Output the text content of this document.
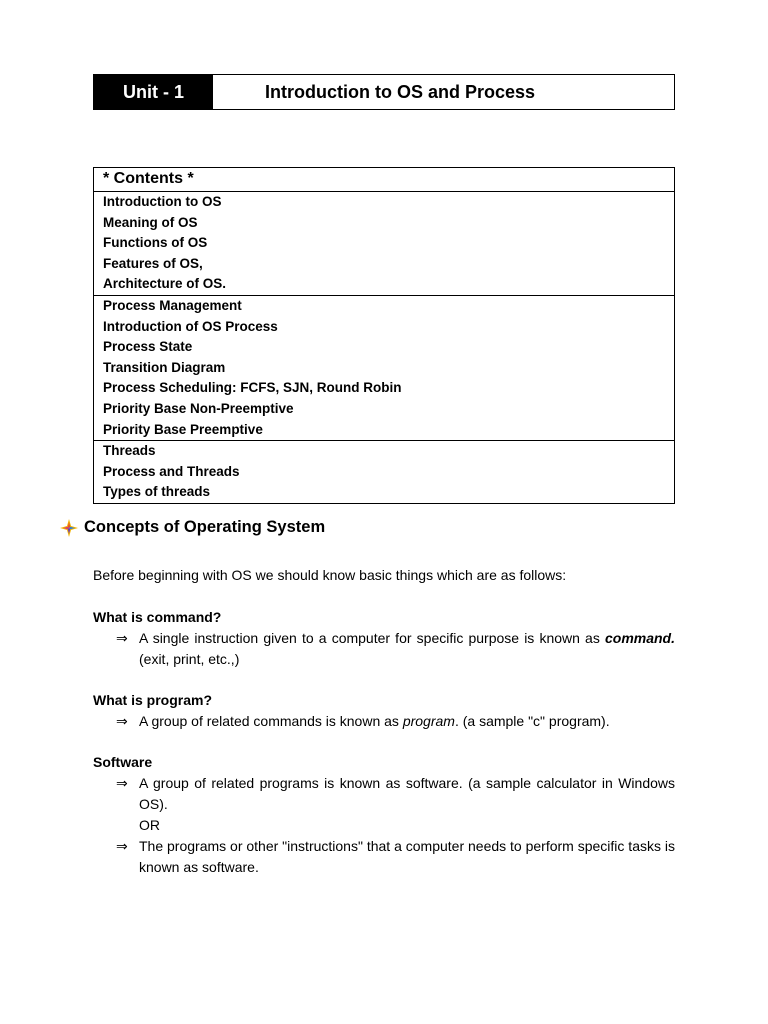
Unit - 1	Introduction to OS and Process
* Contents *
Introduction to OS
Meaning of OS
Functions of OS
Features of OS,
Architecture of OS.
Process Management
Introduction of OS Process
Process State
Transition Diagram
Process Scheduling: FCFS, SJN, Round Robin
Priority Base Non-Preemptive
Priority Base Preemptive
Threads
Process and Threads
Types of threads
Concepts of Operating System
Before beginning with OS we should know basic things which are as follows:
What is command?
⇒ A single instruction given to a computer for specific purpose is known as command. (exit, print, etc.,)
What is program?
⇒ A group of related commands is known as program. (a sample "c" program).
Software
⇒ A group of related programs is known as software. (a sample calculator in Windows OS).
OR
⇒ The programs or other "instructions" that a computer needs to perform specific tasks is known as software.
